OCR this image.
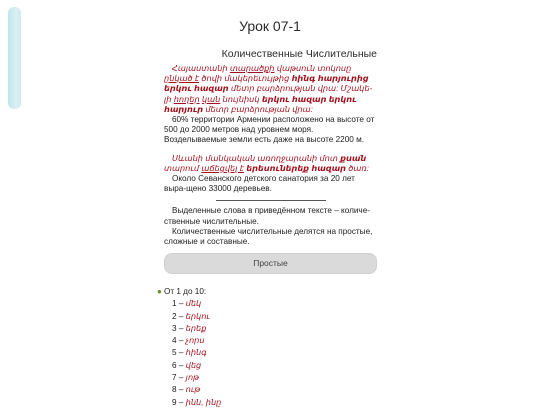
Урок 07-1
Количественные Числительные
Հայաստանի տարածքի վաթսուն տոկոսը ընկած է ծովի մակերեւույթից հինգ հարյուրից երկու հազար մետր բարձրության վրա: Մշակե-լի հողեր կան նույնիսկ երկու հազար երկու հարյուր մետր բարձրության վրա:
60% территории Армении расположено на высоте от 500 до 2000 метров над уровнем моря. Возделываемые земли есть даже на высоте 2200 м.
Սևանի մանկական առողջարանի մոտ քսան տարում աճեցվել է երեսուներեք հազար ծառ:
Около Севанского детского санатория за 20 лет выра-щено 33000 деревьев.
Выделенные слова в приведённом тексте – количе-ственные числительные.
Количественные числительные делятся на простые, сложные и составные.
Простые
● От 1 до 10:
1 – մեկ
2 – երկու
3 – երեք
4 – չորս
5 – հինգ
6 – վեց
7 – յոթ
8 – ութ
9 – ինն, ինը
